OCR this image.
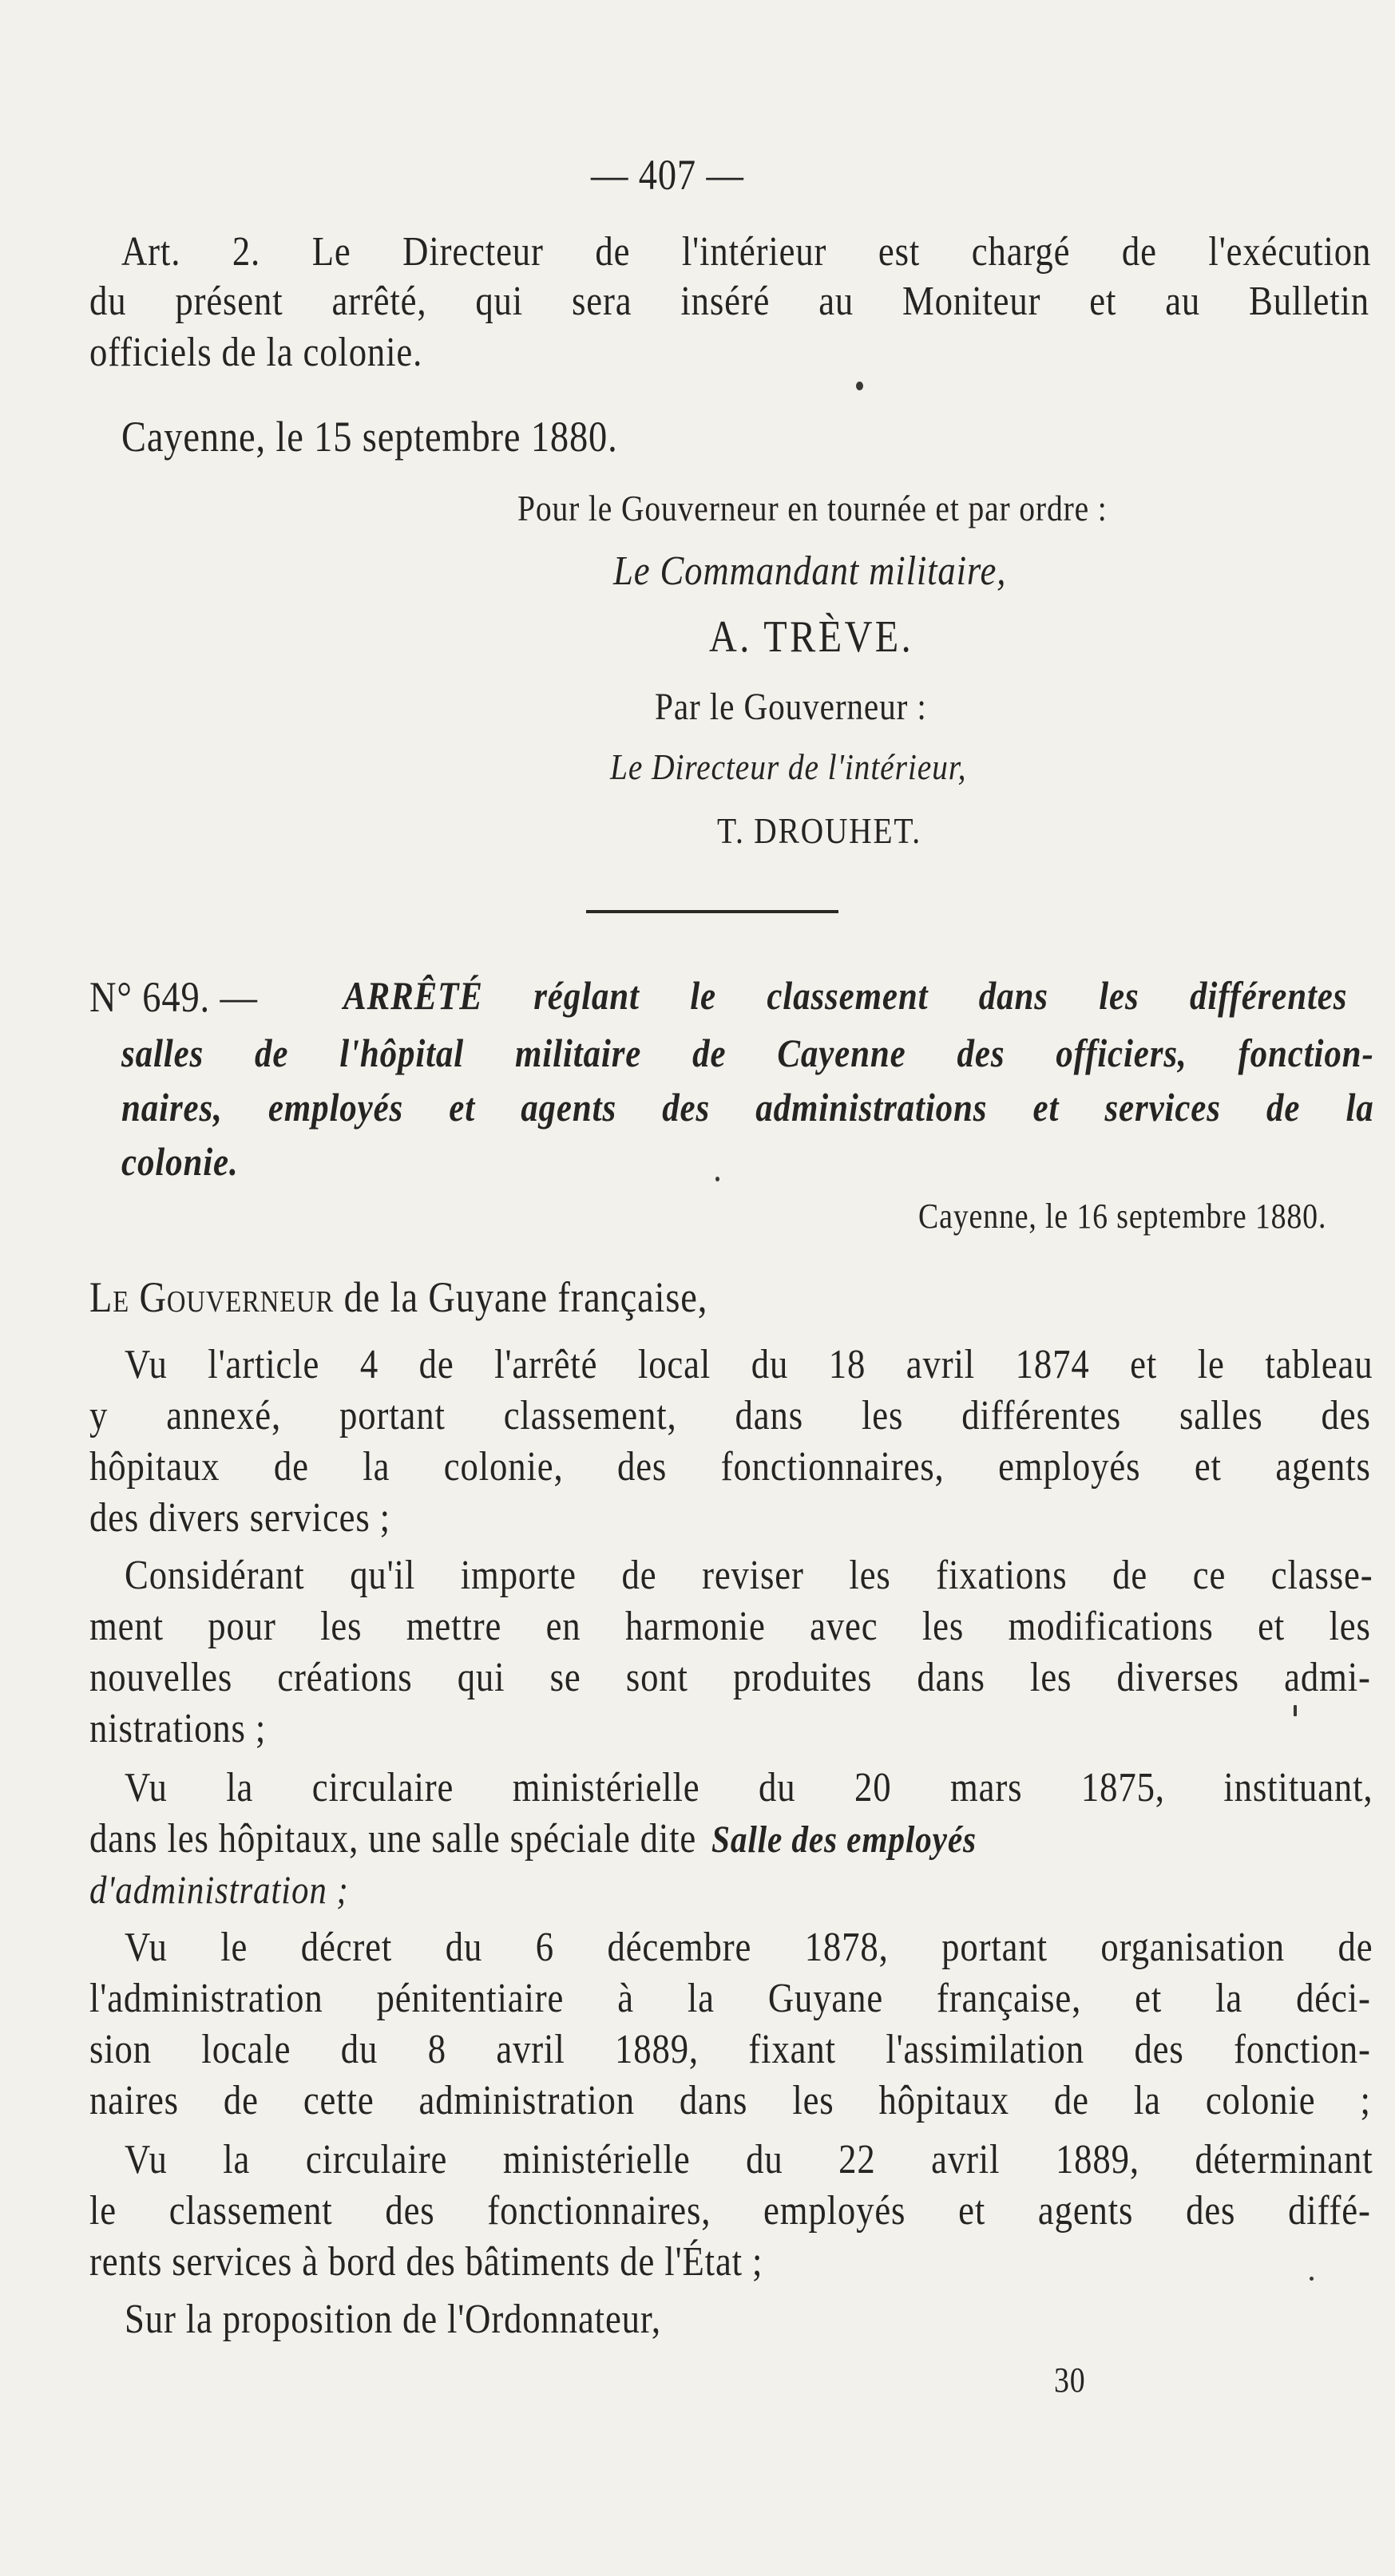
— 407 —
Art. 2. Le Directeur de l'intérieur est chargé de l'exécution
du présent arrêté, qui sera inséré au Moniteur et au Bulletin
officiels de la colonie.
Cayenne, le 15 septembre 1880.
Pour le Gouverneur en tournée et par ordre :
Le Commandant militaire,
A. TRÈVE.
Par le Gouverneur :
Le Directeur de l'intérieur,
T. DROUHET.
N° 649. — ARRÊTÉ réglant le classement dans les différentes
salles de l'hôpital militaire de Cayenne des officiers, fonction-
naires, employés et agents des administrations et services de la
colonie.
Cayenne, le 16 septembre 1880.
Le Gouverneur de la Guyane française,
Vu l'article 4 de l'arrêté local du 18 avril 1874 et le tableau
y annexé, portant classement, dans les différentes salles des
hôpitaux de la colonie, des fonctionnaires, employés et agents
des divers services ;
Considérant qu'il importe de reviser les fixations de ce classe-
ment pour les mettre en harmonie avec les modifications et les
nouvelles créations qui se sont produites dans les diverses admi-
nistrations ;
Vu la circulaire ministérielle du 20 mars 1875, instituant,
dans les hôpitaux, une salle spéciale dite Salle des employés
d'administration ;
Vu le décret du 6 décembre 1878, portant organisation de
l'administration pénitentiaire à la Guyane française, et la déci-
sion locale du 8 avril 1889, fixant l'assimilation des fonction-
naires de cette administration dans les hôpitaux de la colonie ;
Vu la circulaire ministérielle du 22 avril 1889, déterminant
le classement des fonctionnaires, employés et agents des diffé-
rents services à bord des bâtiments de l'État ;
Sur la proposition de l'Ordonnateur,
30
